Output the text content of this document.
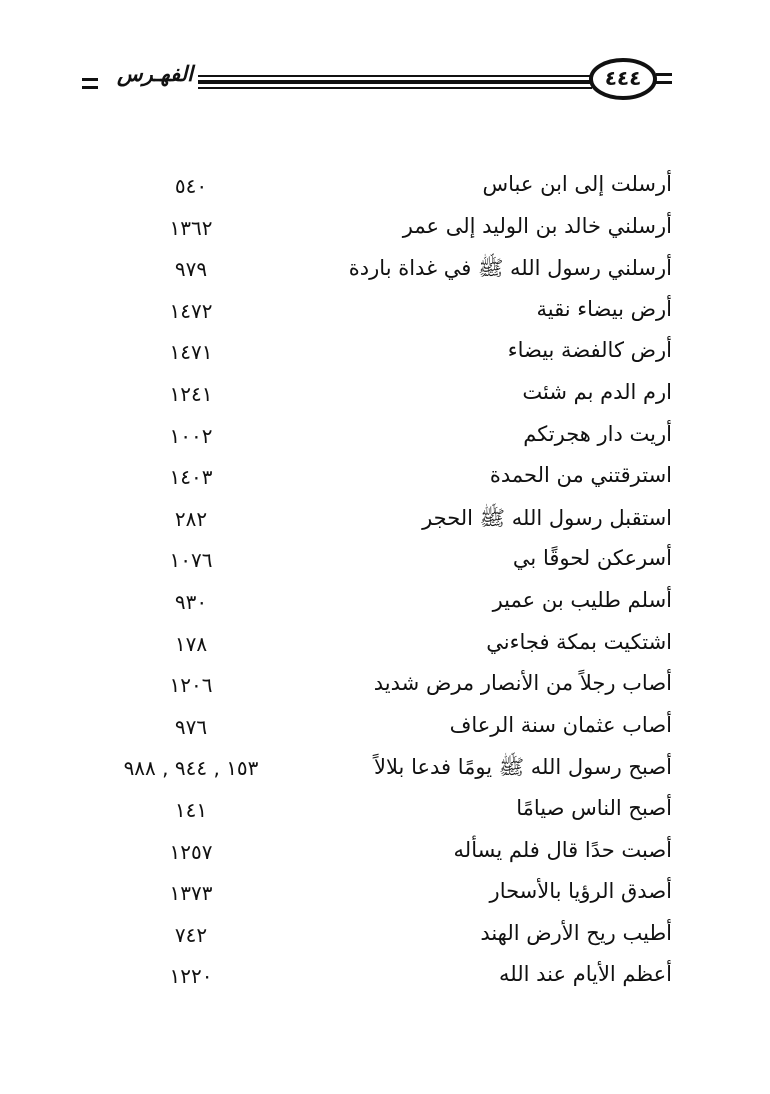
الفهـرس	٤٤٤
أرسلت إلى ابن عباس
٥٤٠
أرسلني خالد بن الوليد إلى عمر
١٣٦٢
أرسلني رسول الله ﷺ في غداة باردة
٩٧٩
أرض بيضاء نقية
١٤٧٢
أرض كالفضة بيضاء
١٤٧١
ارم الدم بم شئت
١٢٤١
أريت دار هجرتكم
١٠٠٢
استرقتني من الحمدة
١٤٠٣
استقبل رسول الله ﷺ الحجر
٢٨٢
أسرعكن لحوقًا بي
١٠٧٦
أسلم طليب بن عمير
٩٣٠
اشتكيت بمكة فجاءني
١٧٨
أصاب رجلاً من الأنصار مرض شديد
١٢٠٦
أصاب عثمان سنة الرعاف
٩٧٦
أصبح رسول الله ﷺ يومًا فدعا بلالاً
١٥٣ , ٩٤٤ , ٩٨٨
أصبح الناس صيامًا
١٤١
أصبت حدًا قال فلم يسأله
١٢٥٧
أصدق الرؤيا بالأسحار
١٣٧٣
أطيب ريح الأرض الهند
٧٤٢
أعظم الأيام عند الله
١٢٢٠
